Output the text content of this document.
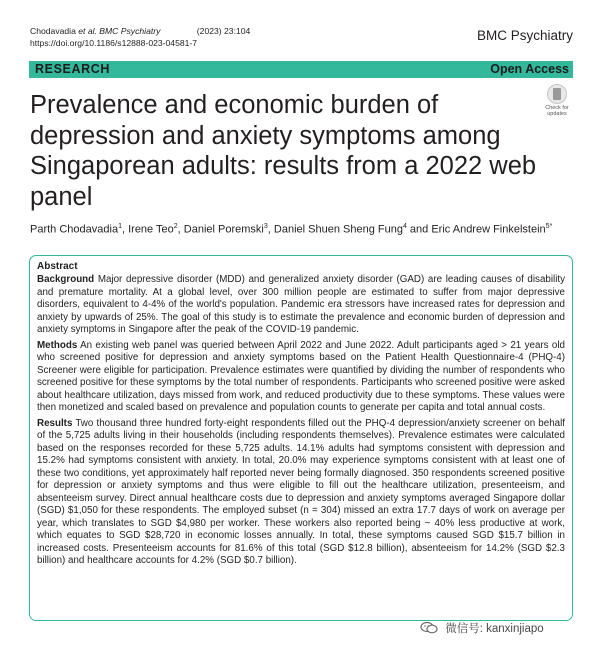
Chodavadia et al. BMC Psychiatry	(2023) 23:104
https://doi.org/10.1186/s12888-023-04581-7	BMC Psychiatry
RESEARCH	Open Access
Prevalence and economic burden of depression and anxiety symptoms among Singaporean adults: results from a 2022 web panel
Check for
updates
Parth Chodavadia$^1$, Irene Teo$^2$, Daniel Poremski$^3$, Daniel Shuen Sheng Fung$^4$ and Eric Andrew Finkelstein$^{5*}$
Abstract

Background Major depressive disorder (MDD) and generalized anxiety disorder (GAD) are leading causes of disability and premature mortality. At a global level, over 300 million people are estimated to suffer from major depressive disorders, equivalent to 4-4% of the world's population. Pandemic era stressors have increased rates for depression and anxiety by upwards of 25%. The goal of this study is to estimate the prevalence and economic burden of depression and anxiety symptoms in Singapore after the peak of the COVID-19 pandemic.

Methods An existing web panel was queried between April 2022 and June 2022. Adult participants aged > 21 years old who screened positive for depression and anxiety symptoms based on the Patient Health Questionnaire-4 (PHQ-4) Screener were eligible for participation. Prevalence estimates were quantified by dividing the number of respondents who screened positive for these symptoms by the total number of respondents. Participants who screened positive were asked about healthcare utilization, days missed from work, and reduced productivity due to these symptoms. These values were then monetized and scaled based on prevalence and population counts to generate per capita and total annual costs.

Results Two thousand three hundred forty-eight respondents filled out the PHQ-4 depression/anxiety screener on behalf of the 5,725 adults living in their households (including respondents themselves). Prevalence estimates were calculated based on the responses recorded for these 5,725 adults. 14.1% adults had symptoms consistent with depression and 15.2% had symptoms consistent with anxiety. In total, 20.0% may experience symptoms consistent with at least one of these two conditions, yet approximately half reported never being formally diagnosed. 350 respondents screened positive for depression or anxiety symptoms and thus were eligible to fill out the healthcare utilization, presenteeism, and absenteeism survey. Direct annual healthcare costs due to depression and anxiety symptoms averaged Singapore dollar (SGD) $1,050 for these respondents. The employed subset (n = 304) missed an extra 17.7 days of work on average per year, which translates to SGD $4,980 per worker. These workers also reported being ~ 40% less productive at work, which equates to SGD $28,720 in economic losses annually. In total, these symptoms caused SGD $15.7 billion in increased costs. Presenteeism accounts for 81.6% of this total (SGD $12.8 billion), absenteeism for 14.2% (SGD $2.3 billion) and healthcare accounts for 4.2% (SGD $0.7 billion).

微信号: kanxinjiapo
